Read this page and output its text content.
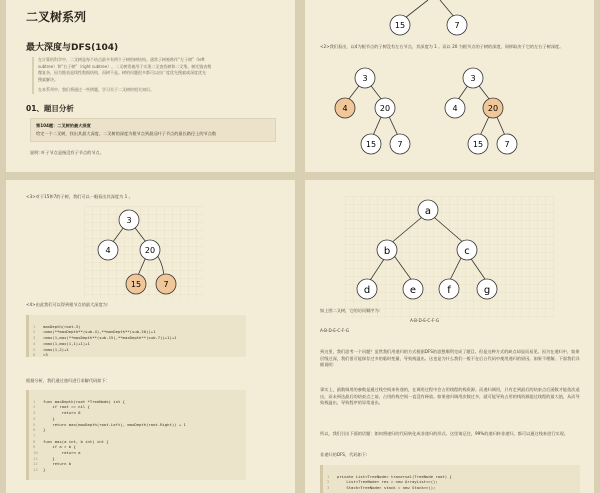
二叉树系列
最大深度与DFS(104)
在计算机科学中，二叉树是每个结点最多有两个子树的树结构。通常子树被称作“左子树”（left
subtree）和“右子树”（right subtree）。二叉树常被用于实现二叉查找树和二叉堆。树比链表稍
微复杂，因为链表是线性数据结构，而树不是。树的问题很多都可以由广度优先搜索或深度优先
搜索解决。
在本系列中，我们将通过一些例题，学习关于二叉树的相关知识。
01、题目分析
第104题：二叉树的最大深度
给定一个二叉树，找出其最大深度。二叉树的深度为根节点到最远叶子节点的最长路径上的节点数
说明: 叶子节点是指没有子节点的节点。
15	7
<2>我们看出，以4为根节点的子树没有左右节点，其深度为 1 。而以 20 为根节点的子树的深度，同样取决于它的左右子树深度。
3
4	20
15	7
3
4	20
15	7
<3>对于15和7的子树，我们可以一眼看出其深度为 1 。
3
4	20
15	7
<4>由此我们可以得到根节点的最大深度为:

1 maxDepth(root-3)
2 =max(**maxDepth**(sub-4),**maxDepth**(sub-20))+1
3 =max(1,max(**maxDepth**(sub-15),**maxDepth**(sub-7))+1)+1
4 =max(1,max(1,1)+1)+1
5 =max(1,2)+1
6 =3
根据分析，我们通过递归进行求解代码如下：

1 func maxDepth(root *TreeNode) int {
2    if root == nil {
3        return 0
4    }
5    return max(maxDepth(root.Left), maxDepth(root.Right)) + 1
6 }
7
8 func max(a int, b int) int {
9    if a > b {
10        return a
11    }
12    return b
13 }
a
b	c
d	e	f	g
如上图二叉树，它的访问顺序为:
A-B-D-E-C-F-G
A-B-D-E-C-F-G
到这里，我们思考一个问题？虽然我们用递归的方式根据DFS的思想顺利完成了题目。但是这种方式的缺点却显而易见。因为在递归中，如果层级过深，我们很可能保存过多的临时变量，导致栈溢出。这也是为什么我们一般不在后台代码中使用递归的原因。如果不理解，下面我们详细说明：
事实上，函数调用的参数是通过栈空间来传递的，在调用过程中会占用线程的栈资源。而递归调用，只有走到最后的结束点后函数才能依次退出，而未到达最后的结束点之前，占用的栈空间一直没有释放。如果递归调用次数过多，就可能导致占用的栈资源超过线程的最大值，从而导致栈溢出，导致程序的异常退出。
所以，我们引出下面的话题：如何将递归的代码转化成非递归的形式。这里请记住，99%的递归转非递归，都可以通过栈来进行实现。
非递归的DFS，代码如下:

1 private List<TreeNode> traversal(TreeNode root) {
2    List<TreeNode> res = new ArrayList<>();
3    Stack<TreeNode> stack = new Stack<>();
